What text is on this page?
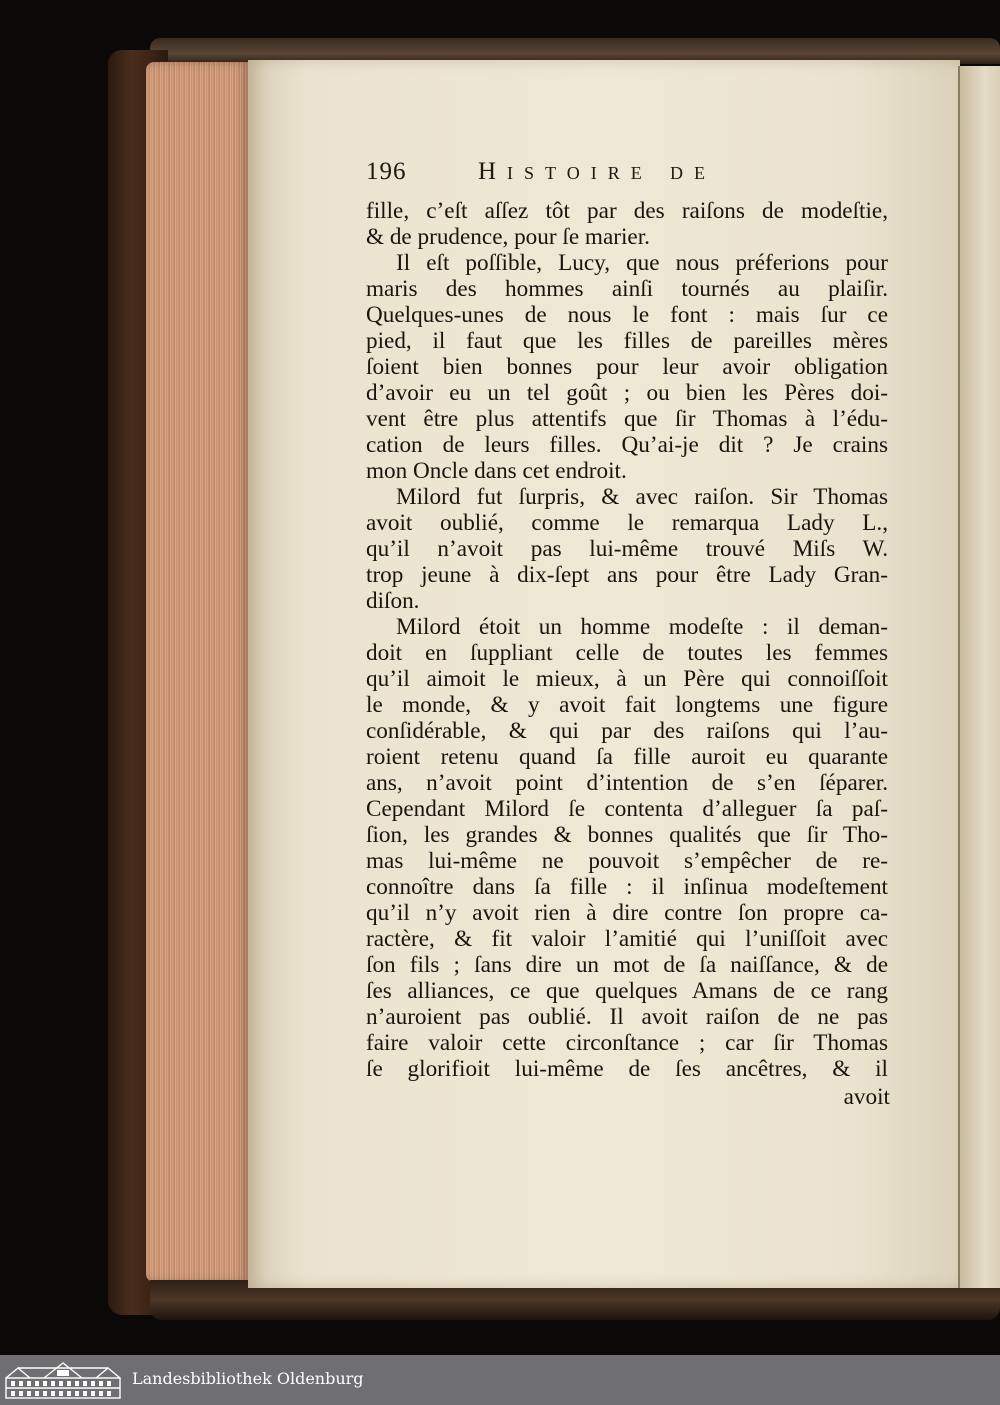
196	Histoire de
fille, c’eſt aſſez tôt par des raiſons de modeſtie,
& de prudence, pour ſe marier.
Il eſt poſſible, Lucy, que nous préferions pour
maris des hommes ainſi tournés au plaiſir.
Quelques-unes de nous le font : mais ſur ce
pied, il faut que les filles de pareilles mères
ſoient bien bonnes pour leur avoir obligation
d’avoir eu un tel goût ; ou bien les Pères doi-
vent être plus attentifs que ſir Thomas à l’édu-
cation de leurs filles. Qu’ai-je dit ? Je crains
mon Oncle dans cet endroit.
Milord fut ſurpris, & avec raiſon. Sir Thomas
avoit oublié, comme le remarqua Lady L.,
qu’il n’avoit pas lui-même trouvé Miſs W.
trop jeune à dix-ſept ans pour être Lady Gran-
diſon.
Milord étoit un homme modeſte : il deman-
doit en ſuppliant celle de toutes les femmes
qu’il aimoit le mieux, à un Père qui connoiſſoit
le monde, & y avoit fait longtems une figure
conſidérable, & qui par des raiſons qui l’au-
roient retenu quand ſa fille auroit eu quarante
ans, n’avoit point d’intention de s’en ſéparer.
Cependant Milord ſe contenta d’alleguer ſa paſ-
ſion, les grandes & bonnes qualités que ſir Tho-
mas lui-même ne pouvoit s’empêcher de re-
connoître dans ſa fille : il inſinua modeſtement
qu’il n’y avoit rien à dire contre ſon propre ca-
ractère, & fit valoir l’amitié qui l’uniſſoit avec
ſon fils ; ſans dire un mot de ſa naiſſance, & de
ſes alliances, ce que quelques Amans de ce rang
n’auroient pas oublié. Il avoit raiſon de ne pas
faire valoir cette circonſtance ; car ſir Thomas
ſe glorifioit lui-même de ſes ancêtres, & il
avoit
Landesbibliothek Oldenburg
